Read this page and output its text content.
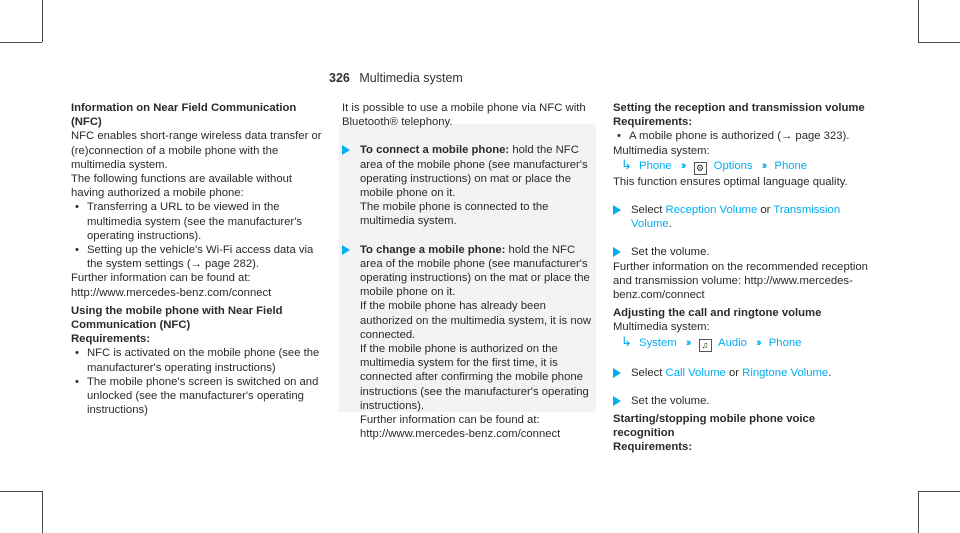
326 Multimedia system

Information on Near Field Communication (NFC)

NFC enables short-range wireless data transfer or (re)connection of a mobile phone with the multimedia system.

The following functions are available without having authorized a mobile phone:

• Transferring a URL to be viewed in the multimedia system (see the manufacturer's operating instructions).
• Setting up the vehicle's Wi-Fi access data via the system settings (→ page 282).

Further information can be found at: http://www.mercedes-benz.com/connect

Using the mobile phone with Near Field Communication (NFC)

Requirements:

• NFC is activated on the mobile phone (see the manufacturer's operating instructions)
• The mobile phone's screen is switched on and unlocked (see the manufacturer's operating instructions)

It is possible to use a mobile phone via NFC with Bluetooth® telephony.

To connect a mobile phone: hold the NFC area of the mobile phone (see manufacturer's operating instructions) on mat or place the mobile phone on it.
The mobile phone is connected to the multimedia system.

To change a mobile phone: hold the NFC area of the mobile phone (see manufacturer's operating instructions) on the mat or place the mobile phone on it.
If the mobile phone has already been authorized on the multimedia system, it is now connected.
If the mobile phone is authorized on the multimedia system for the first time, it is connected after confirming the mobile phone instructions (see the manufacturer's operating instructions).
Further information can be found at: http://www.mercedes-benz.com/connect

Setting the reception and transmission volume

Requirements:

• A mobile phone is authorized (→ page 323).

Multimedia system:

↳ Phone ›› ⚙ Options ›› Phone

This function ensures optimal language quality.

Select Reception Volume or Transmission Volume.

Set the volume.

Further information on the recommended reception and transmission volume: http://www.mercedes-benz.com/connect

Adjusting the call and ringtone volume

Multimedia system:

↳ System ›› ♫ Audio ›› Phone

Select Call Volume or Ringtone Volume.

Set the volume.

Starting/stopping mobile phone voice recognition

Requirements:
